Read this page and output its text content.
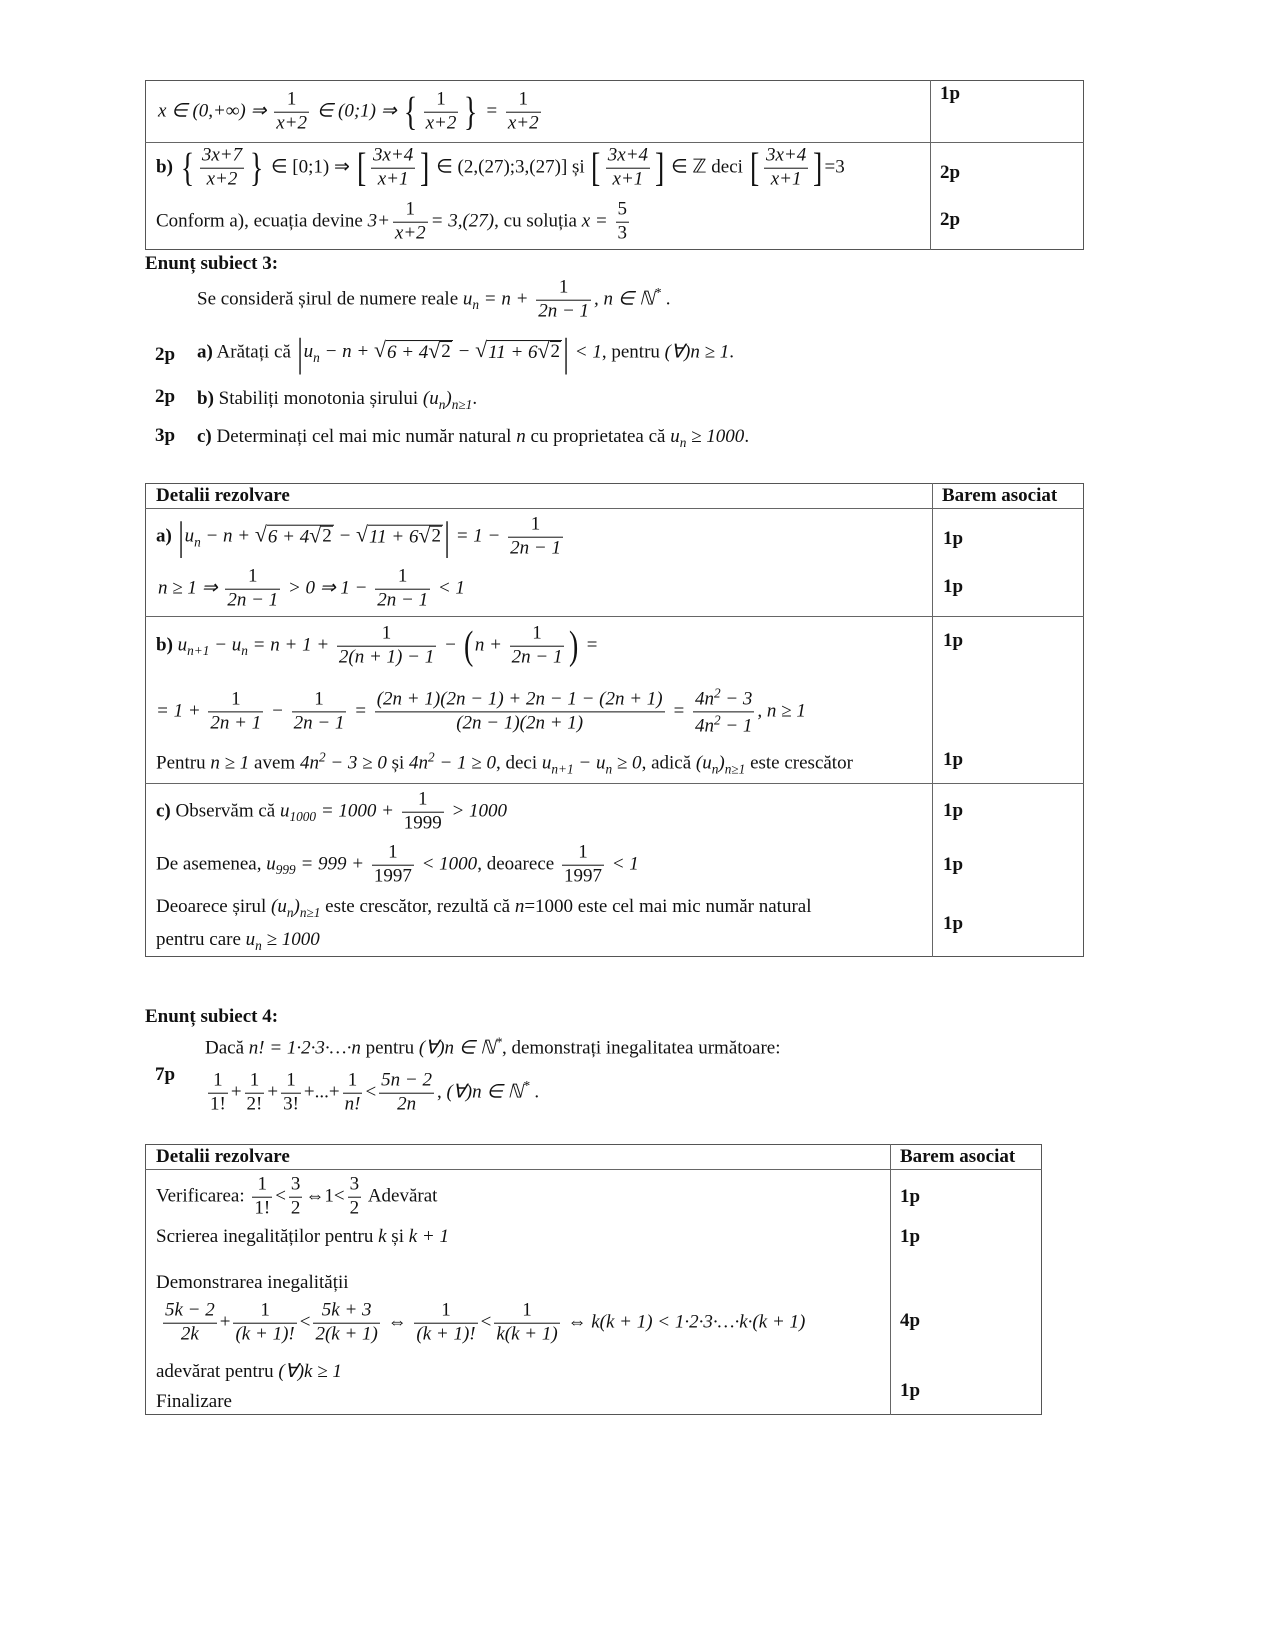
x ∈ (0,+∞) ⇒ $\frac{1}{x+2}$ ∈ (0;1) ⇒ { $\frac{1}{x+2}$ } = $\frac{1}{x+2}$	1p
b) { $\frac{3x+7}{x+2}$ } ∈ [0;1) ⇒ [ $\frac{3x+4}{x+1}$ ] ∈ (2,(27);3,(27)] și [ $\frac{3x+4}{x+1}$ ] ∈ ℤ deci [ $\frac{3x+4}{x+1}$ ] =3	2p
Conform a), ecuația devine $3+ \frac{1}{x+2} = 3,(27)$, cu soluția $x = \frac{5}{3}$	2p
Enunț subiect 3:
Se consideră șirul de numere reale $u_n = n + \frac{1}{2n - 1}$ , n ∈ ℕ* .
2p a) Arătați că $|u_n - n$ + √ 6 + 4 √ 2 − √ 11 + 6 √ 2 | < 1, pentru (∀)n ≥ 1.
2p b) Stabiliți monotonia șirului $(u_n)_{n\ge 1}$.
3p c) Determinați cel mai mic număr natural n cu proprietatea că $u_n \ge 1000$.
Detalii rezolvare	Barem asociat
a) $|u_n - n$ + √ 6 + 4 √ 2 − √ 11 + 6 √ 2 | = $1 - \frac{1}{2n - 1}$	1p
n ≥ 1 ⇒ $\frac{1}{2n - 1} > 0$ ⇒ $1 - \frac{1}{2n - 1} < 1$	1p
b) $u_{n+1} - u_n = n + 1 + \frac{1}{2(n + 1) - 1}$ − ( $n + \frac{1}{2n - 1}$ ) =	1p
= $1 + \frac{1}{2n + 1} - \frac{1}{2n - 1} = \frac{(2n + 1)(2n - 1) + 2n - 1 - (2n + 1)}{(2n - 1)(2n + 1)} = \frac{4n^2 - 3}{4n^2 - 1}$ , n ≥ 1
Pentru n ≥ 1 avem $4n^2 - 3 \ge 0$ și $4n^2 - 1 \ge 0$, deci $u_{n+1} - u_n \ge 0$, adică $(u_n)_{n\ge 1}$ este crescător	1p
c) Observăm că $u_{1000} = 1000 + \frac{1}{1999} > 1000$	1p
De asemenea, $u_{999} = 999 + \frac{1}{1997} < 1000$, deoarece $\frac{1}{1997} < 1$	1p
Deoarece șirul $(u_n)_{n\ge 1}$ este crescător, rezultă că n=1000 este cel mai mic număr natural
pentru care $u_n \ge 1000$
1p
Enunț subiect 4:
Dacă n! = 1·2·3·…·n pentru (∀)n ∈ ℕ*, demonstrați inegalitatea următoare:
$7p \frac{1}{1!} + \frac{1}{2!} + \frac{1}{3!}$ +...+ $\frac{1}{n!} < \frac{5n - 2}{2n}$ , (∀)n ∈ ℕ* .
Detalii rezolvare	Barem asociat
Verificarea: $\frac{1}{1!} < \frac{3}{2}$ ⇔1< $\frac{3}{2}$ Adevărat	1p
Scrierea inegalităților pentru k și k + 1	1p
Demonstrarea inegalității
$\frac{5k - 2}{2k} + \frac{1}{(k + 1)!} < \frac{5k + 3}{2(k + 1)}$ ⇔ $\frac{1}{(k + 1)!} < \frac{1}{k(k + 1)}$ ⇔ k(k + 1) < 1·2·3·…·k·(k + 1)	4p
adevărat pentru (∀)k ≥ 1
Finalizare
1p
